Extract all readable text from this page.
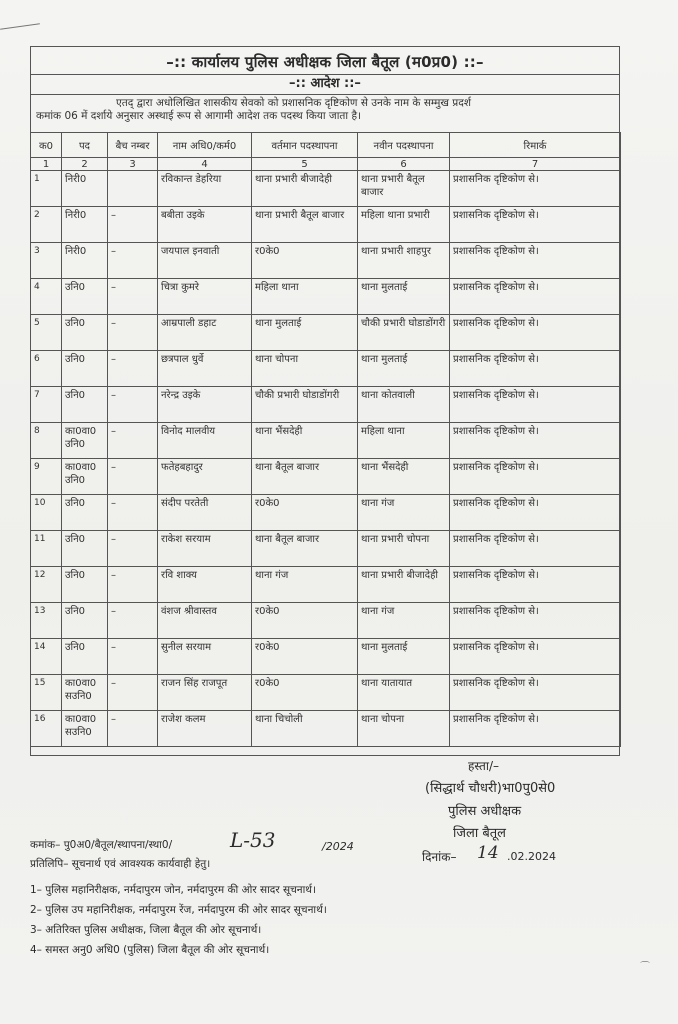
–:: कार्यालय पुलिस अधीक्षक जिला बैतूल (म0प्र0) ::–
–:: आदेश ::–
एतद् द्वारा अधोलिखित शासकीय सेवको को प्रशासनिक दृष्टिकोण से उनके नाम के सम्मुख प्रदर्श
कमांक 06 में दर्शाये अनुसार अस्थाई रूप से आगामी आदेश तक पदस्थ किया जाता है।
क0	पद	बैच नम्बर	नाम अधि0/कर्म0	वर्तमान पदस्थापना	नवीन पदस्थापना	रिमार्क
1	2	3	4	5	6	7
1	निरी0		रविकान्त डेहरिया	थाना प्रभारी बीजादेही	थाना प्रभारी बैतूल बाजार	प्रशासनिक दृष्टिकोण से।
2	निरी0	–	बबीता उइके	थाना प्रभारी बैतूल बाजार	महिला थाना प्रभारी	प्रशासनिक दृष्टिकोण से।
3	निरी0	–	जयपाल इनवाती	र0के0	थाना प्रभारी शाहपुर	प्रशासनिक दृष्टिकोण से।
4	उनि0	–	चित्रा कुमरे	महिला थाना	थाना मुलताई	प्रशासनिक दृष्टिकोण से।
5	उनि0	–	आम्रपाली डहाट	थाना मुलताई	चौकी प्रभारी घोडाडोंगरी	प्रशासनिक दृष्टिकोण से।
6	उनि0	–	छत्रपाल धुर्वे	थाना चोपना	थाना मुलताई	प्रशासनिक दृष्टिकोण से।
7	उनि0	–	नरेन्द्र उइके	चौकी प्रभारी घोडाडोंगरी	थाना कोतवाली	प्रशासनिक दृष्टिकोण से।
8	का0वा0 उनि0	–	विनोद मालवीय	थाना भैंसदेही	महिला थाना	प्रशासनिक दृष्टिकोण से।
9	का0वा0 उनि0	–	फतेहबहादुर	थाना बैतूल बाजार	थाना भैंसदेही	प्रशासनिक दृष्टिकोण से।
10	उनि0	–	संदीप परतेती	र0के0	थाना गंज	प्रशासनिक दृष्टिकोण से।
11	उनि0	–	राकेश सरयाम	थाना बैतूल बाजार	थाना प्रभारी चोपना	प्रशासनिक दृष्टिकोण से।
12	उनि0	–	रवि शाक्य	थाना गंज	थाना प्रभारी बीजादेही	प्रशासनिक दृष्टिकोण से।
13	उनि0	–	वंशज श्रीवास्तव	र0के0	थाना गंज	प्रशासनिक दृष्टिकोण से।
14	उनि0	–	सुनील सरयाम	र0के0	थाना मुलताई	प्रशासनिक दृष्टिकोण से।
15	का0वा0 सउनि0	–	राजन सिंह राजपूत	र0के0	थाना यातायात	प्रशासनिक दृष्टिकोण से।
16	का0वा0 सउनि0	–	राजेश कलम	थाना चिचोली	थाना चोपना	प्रशासनिक दृष्टिकोण से।
हस्ता/–
(सिद्धार्थ चौधरी)भा0पु0से0
पुलिस अधीक्षक
जिला बैतूल
कमांक– पु0अ0/बैतूल/स्थापना/स्था0/	L-53	/2024
दिनांक– 14 .02.2024
प्रतिलिपि– सूचनार्थ एवं आवश्यक कार्यवाही हेतु।
1– पुलिस महानिरीक्षक, नर्मदापुरम जोन, नर्मदापुरम की ओर सादर सूचनार्थ।
2– पुलिस उप महानिरीक्षक, नर्मदापुरम रेंज, नर्मदापुरम की ओर सादर सूचनार्थ।
3– अतिरिक्त पुलिस अधीक्षक, जिला बैतूल की ओर सूचनार्थ।
4– समस्त अनु0 अधि0 (पुलिस) जिला बैतूल की ओर सूचनार्थ।
⌒
